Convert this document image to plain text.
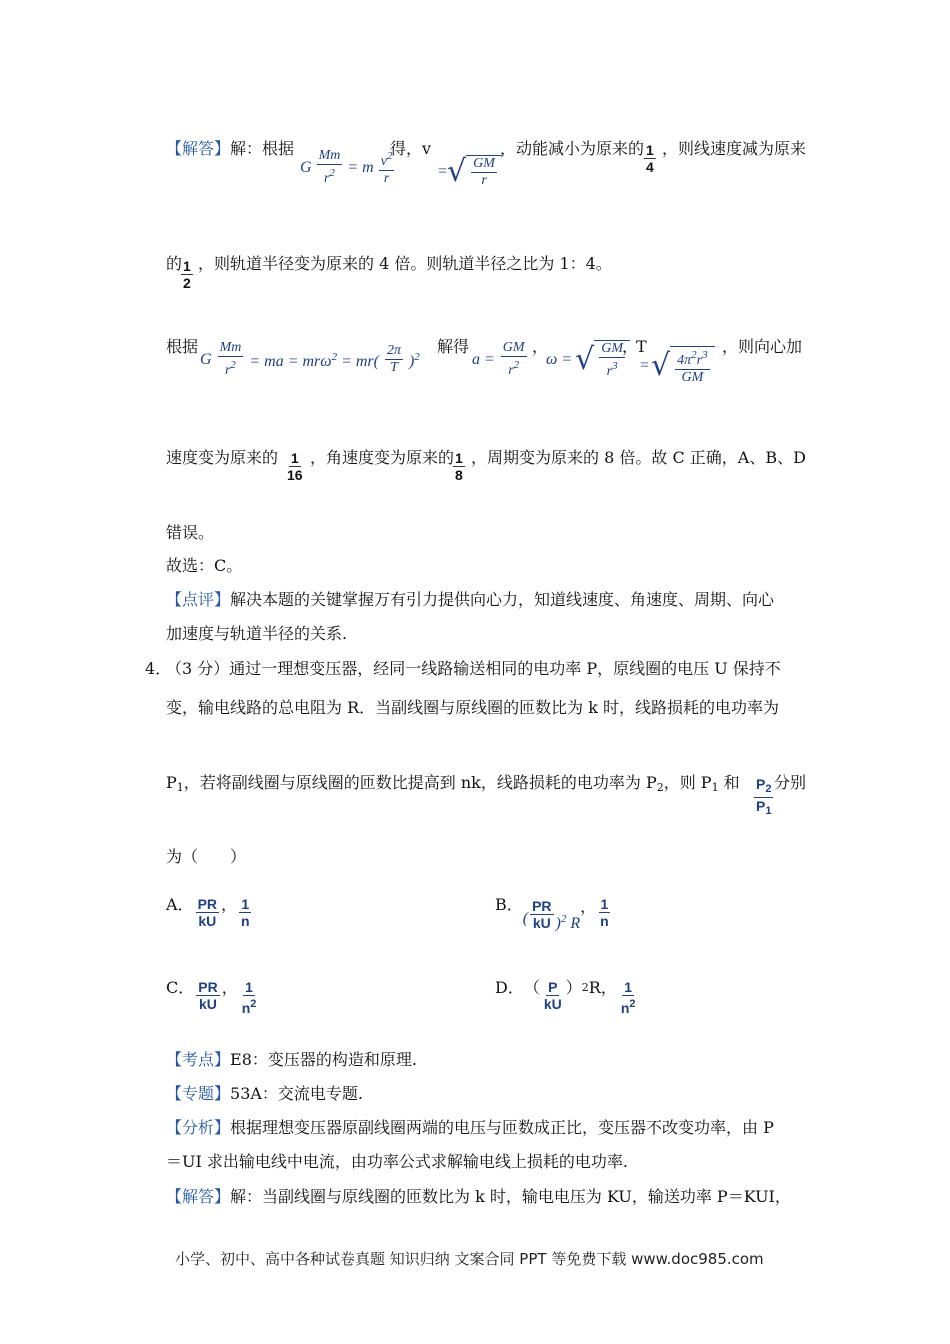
【解答】解：根据
G $\frac{Mm}{r^2} = m \frac{v^2}{r}$
得，v
= √ $\frac{GM}{r}$
，动能减小为原来的 $\frac{1}{4}$ ，则线速度减为原来
的
$\frac{1}{2}$ ，则轨道半径变为原来的 4 倍。则轨道半径之比为 1：4。
根据
G $\frac{Mm}{r^2}$ = ma = $mr\omega^2 = mr( \frac{2\pi}{T} )^2$
解得
$a = \frac{GM}{r^2}$ ，
ω = √ $\frac{GM}{r^3}$
，
T
= √ $\frac{4\pi^2r^3}{GM}$
，则向心加
速度变为原来的 $\frac{1}{16}$ ，角速度变为原来的
$\frac{1}{8}$ ，周期变为原来的 8 倍。故 C 正确，A、B、D
错误。
故选：C。
【点评】解决本题的关键掌握万有引力提供向心力，知道线速度、角速度、周期、向心
加速度与轨道半径的关系.
4．
（3 分）通过一理想变压器，经同一线路输送相同的电功率 P，原线圈的电压 U 保持不
变，输电线路的总电阻为 R．当副线圈与原线圈的匝数比为 k 时，线路损耗的电功率为
$P_1$，若将副线圈与原线圈的匝数比提高到 nk，线路损耗的电功率为 $P_2$，则 $P_1$ 和 $\frac{P_2}{P_1}$ 分别
为（　　）
A． $\frac{PR}{kU}$ ， $\frac{1}{n}$	B．
( $\frac{PR}{kU} )^2$ R
， $\frac{1}{n}$
C． $\frac{PR}{kU}$ ， $\frac{1}{n^2}$	D．　（ $\frac{P}{kU}$ ） 2 R， $\frac{1}{n^2}$
【考点】E8：变压器的构造和原理.
【专题】53A：交流电专题.
【分析】根据理想变压器原副线圈两端的电压与匝数成正比，变压器不改变功率，由 P
＝UI 求出输电线中电流，由功率公式求解输电线上损耗的电功率.
【解答】解：当副线圈与原线圈的匝数比为 k 时，输电电压为 KU，输送功率 P＝KUI，
小学、初中、高中各种试卷真题 知识归纳 文案合同 PPT 等免费下载 www.doc985.com
